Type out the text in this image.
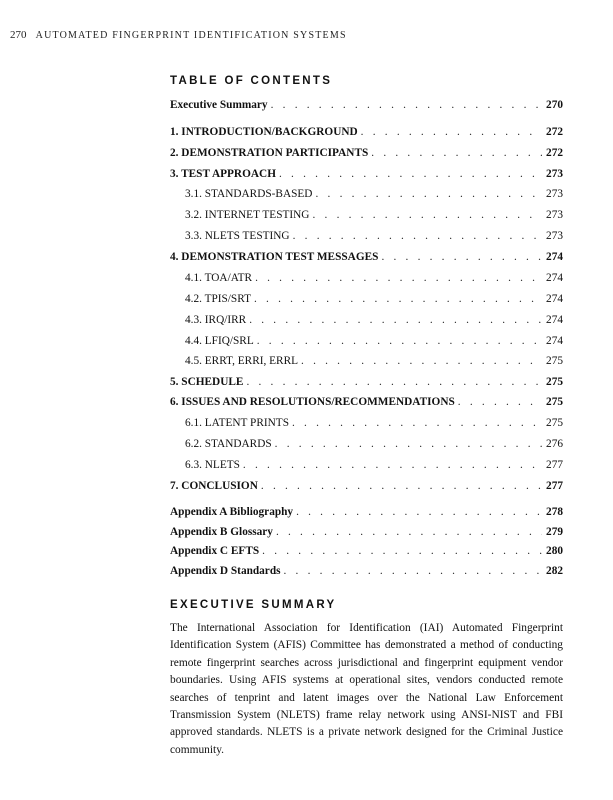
270 AUTOMATED FINGERPRINT IDENTIFICATION SYSTEMS
TABLE OF CONTENTS
Executive Summary . . .	270
1. INTRODUCTION/BACKGROUND . . .	272
2. DEMONSTRATION PARTICIPANTS . . .	272
3. TEST APPROACH . . .	273
3.1. STANDARDS-BASED . . .	273
3.2. INTERNET TESTING . . .	273
3.3. NLETS TESTING . . .	273
4. DEMONSTRATION TEST MESSAGES . . .	274
4.1. TOA/ATR . . .	274
4.2. TPIS/SRT . . .	274
4.3. IRQ/IRR . . .	274
4.4. LFIQ/SRL . . .	274
4.5. ERRT, ERRI, ERRL . . .	275
5. SCHEDULE . . .	275
6. ISSUES AND RESOLUTIONS/RECOMMENDATIONS . . .	275
6.1. LATENT PRINTS . . .	275
6.2. STANDARDS . . .	276
6.3. NLETS . . .	277
7. CONCLUSION . . .	277
Appendix A Bibliography . . .	278
Appendix B Glossary . . .	279
Appendix C EFTS . . .	280
Appendix D Standards . . .	282
EXECUTIVE SUMMARY

The International Association for Identification (IAI) Automated Fingerprint Identification System (AFIS) Committee has demonstrated a method of conducting remote fingerprint searches across jurisdictional and fingerprint equipment vendor boundaries. Using AFIS systems at operational sites, vendors conducted remote searches of tenprint and latent images over the National Law Enforcement Transmission System (NLETS) frame relay network using ANSI-NIST and FBI approved standards. NLETS is a private network designed for the Criminal Justice community.
